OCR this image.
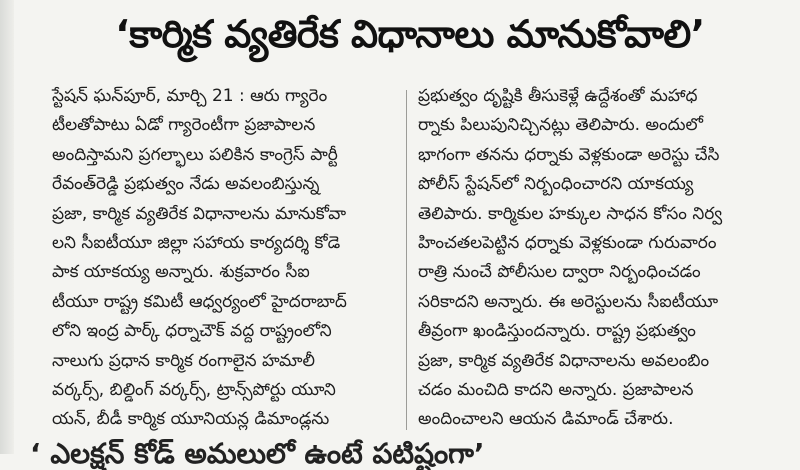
‘కార్మిక వ్యతిరేక విధానాలు మానుకోవాలి’
స్టేషన్ ఘన్‌పూర్, మార్చి 21 : ఆరు గ్యారెం
టీలతోపాటు ఏడో గ్యారెంటీగా ప్రజాపాలన
అందిస్తామని ప్రగల్భాలు పలికిన కాంగ్రెస్ పార్టీ
రేవంత్‌రెడ్డి ప్రభుత్వం నేడు అవలంబిస్తున్న
ప్రజా, కార్మిక వ్యతిరేక విధానాలను మానుకోవా
లని సీఐటీయూ జిల్లా సహాయ కార్యదర్శి కోడె
పాక యాకయ్య అన్నారు. శుక్రవారం సీఐ
టీయూ రాష్ట్ర కమిటీ ఆధ్వర్యంలో హైదరాబాద్
లోని ఇంద్ర పార్క్ ధర్నాచౌక్ వద్ద రాష్ట్రంలోని
నాలుగు ప్రధాన కార్మిక రంగాలైన హమాలీ
వర్కర్స్, బిల్డింగ్ వర్కర్స్, ట్రాన్స్‌పోర్టు యూని
యన్, బీడీ కార్మిక యూనియన్ల డిమాండ్లను
ప్రభుత్వం దృష్టికి తీసుకెళ్లే ఉద్దేశంతో మహాధ
ర్నాకు పిలుపునిచ్చినట్లు తెలిపారు. అందులో
భాగంగా తనను ధర్నాకు వెళ్లకుండా అరెస్టు చేసి
పోలీస్ స్టేషన్‌లో నిర్బంధించారని యాకయ్య
తెలిపారు. కార్మికుల హక్కుల సాధన కోసం నిర్వ
హించతలపెట్టిన ధర్నాకు వెళ్లకుండా గురువారం
రాత్రి నుంచే పోలీసుల ద్వారా నిర్బంధించడం
సరికాదని అన్నారు. ఈ అరెస్టులను సీఐటీయూ
తీవ్రంగా ఖండిస్తుందన్నారు. రాష్ట్ర ప్రభుత్వం
ప్రజా, కార్మిక వ్యతిరేక విధానాలను అవలంబిం
చడం మంచిది కాదని అన్నారు. ప్రజాపాలన
అందించాలని ఆయన డిమాండ్ చేశారు.
‘ ఎలక్షన్ కోడ్‌ అమలులో ఉంటే పటిష్టంగా’
